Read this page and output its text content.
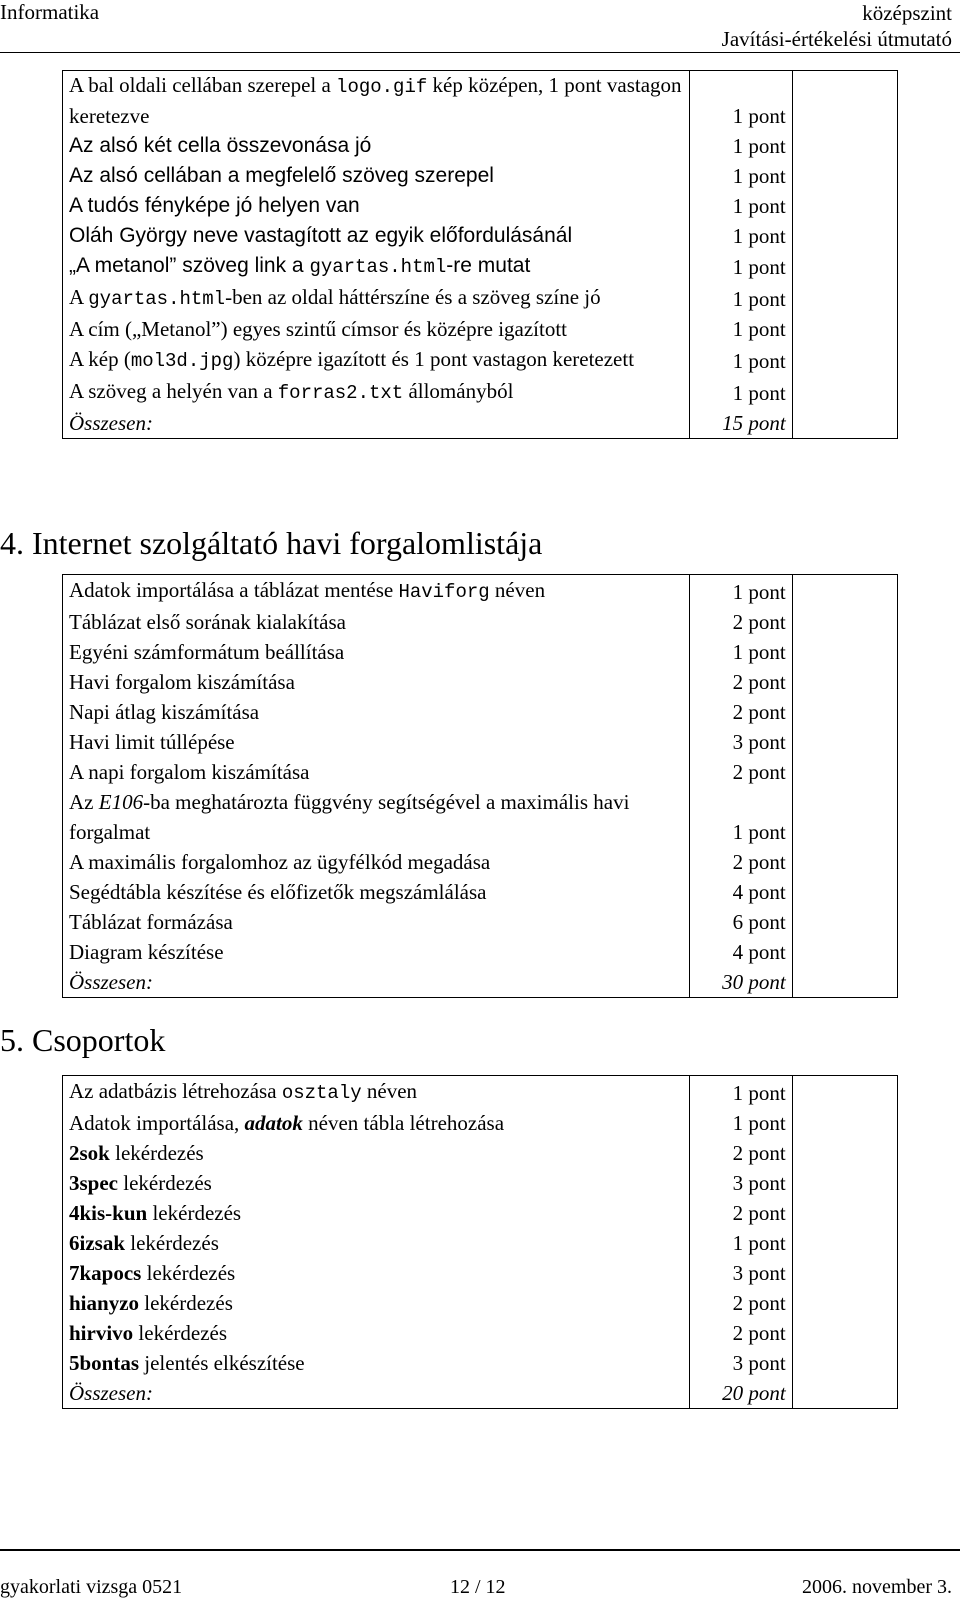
Informatika	középszint
Javítási-értékelési útmutató
A bal oldali cellában szerepel a logo.gif kép középen, 1 pont vastagon keretezve	1 pont	
Az alsó két cella összevonása jó	1 pont	
Az alsó cellában a megfelelő szöveg szerepel	1 pont	
A tudós fényképe jó helyen van	1 pont	
Oláh György neve vastagított az egyik előfordulásánál	1 pont	
„A metanol” szöveg link a gyartas.html-re mutat	1 pont	
A gyartas.html-ben az oldal háttérszíne és a szöveg színe jó	1 pont	
A cím („Metanol”) egyes szintű címsor és középre igazított	1 pont	
A kép (mol3d.jpg) középre igazított és 1 pont vastagon keretezett	1 pont	
A szöveg a helyén van a forras2.txt állományból	1 pont	
Összesen:	15 pont	
4. Internet szolgáltató havi forgalomlistája
Adatok importálása a táblázat mentése Haviforg néven	1 pont	
Táblázat első sorának kialakítása	2 pont	
Egyéni számformátum beállítása	1 pont	
Havi forgalom kiszámítása	2 pont	
Napi átlag kiszámítása	2 pont	
Havi limit túllépése	3 pont	
A napi forgalom kiszámítása	2 pont	
Az E106-ba meghatározta függvény segítségével a maximális havi forgalmat	1 pont	
A maximális forgalomhoz az ügyfélkód megadása	2 pont	
Segédtábla készítése és előfizetők megszámlálása	4 pont	
Táblázat formázása	6 pont	
Diagram készítése	4 pont	
Összesen:	30 pont	
5. Csoportok
Az adatbázis létrehozása osztaly néven	1 pont	
Adatok importálása, adatok néven tábla létrehozása	1 pont	
2sok lekérdezés	2 pont	
3spec lekérdezés	3 pont	
4kis-kun lekérdezés	2 pont	
6izsak lekérdezés	1 pont	
7kapocs lekérdezés	3 pont	
hianyzo lekérdezés	2 pont	
hirvivo lekérdezés	2 pont	
5bontas jelentés elkészítése	3 pont	
Összesen:	20 pont	
gyakorlati vizsga 0521	12 / 12	2006. november 3.
